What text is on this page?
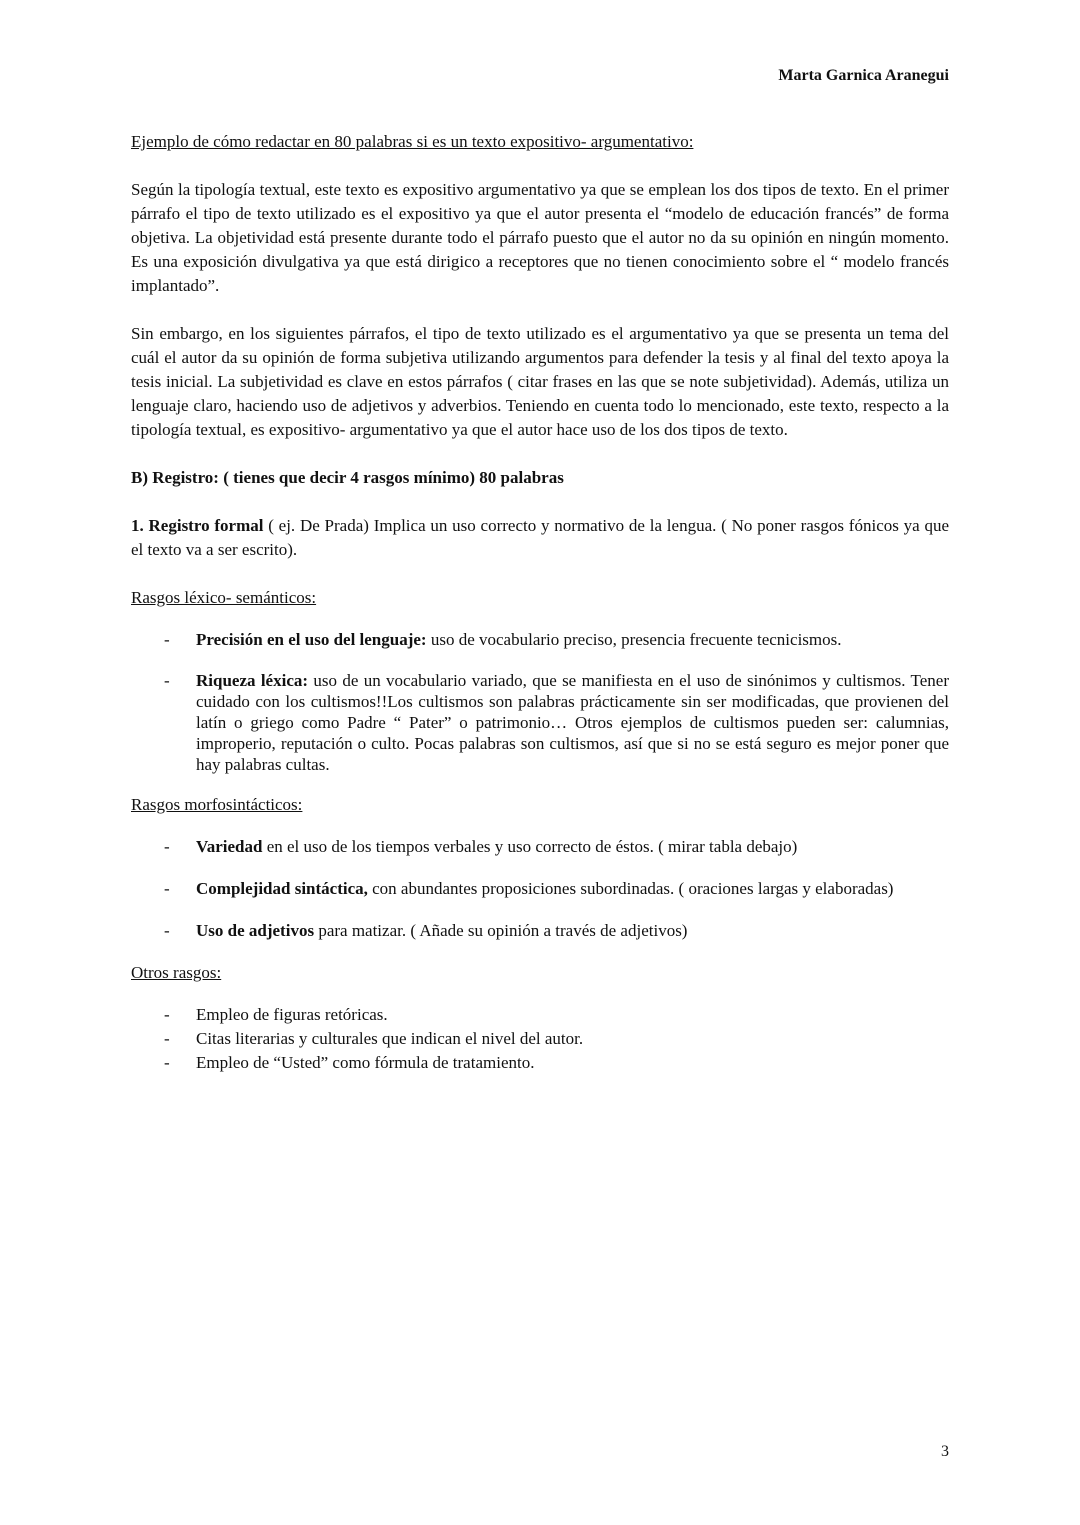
Marta Garnica Aranegui

Ejemplo de cómo redactar en 80 palabras si es un texto expositivo- argumentativo:

Según la tipología textual, este texto es expositivo argumentativo ya que se emplean los dos tipos de texto. En el primer párrafo el tipo de texto utilizado es el expositivo ya que el autor presenta el “modelo de educación francés” de forma objetiva. La objetividad está presente durante todo el párrafo puesto que el autor no da su opinión en ningún momento. Es una exposición divulgativa ya que está dirigico a receptores que no tienen conocimiento sobre el “ modelo francés implantado”.

Sin embargo, en los siguientes párrafos, el tipo de texto utilizado es el argumentativo ya que se presenta un tema del cuál el autor da su opinión de forma subjetiva utilizando argumentos para defender la tesis y al final del texto apoya la tesis inicial. La subjetividad es clave en estos párrafos ( citar frases en las que se note subjetividad). Además, utiliza un lenguaje claro, haciendo uso de adjetivos y adverbios. Teniendo en cuenta todo lo mencionado, este texto, respecto a la tipología textual, es expositivo- argumentativo ya que el autor hace uso de los dos tipos de texto.

B) Registro: ( tienes que decir 4 rasgos mínimo) 80 palabras

1. Registro formal ( ej. De Prada) Implica un uso correcto y normativo de la lengua. ( No poner rasgos fónicos ya que el texto va a ser escrito).

Rasgos léxico- semánticos:

- Precisión en el uso del lenguaje: uso de vocabulario preciso, presencia frecuente tecnicismos.
- Riqueza léxica: uso de un vocabulario variado, que se manifiesta en el uso de sinónimos y cultismos. Tener cuidado con los cultismos!!Los cultismos son palabras prácticamente sin ser modificadas, que provienen del latín o griego como Padre “ Pater” o patrimonio… Otros ejemplos de cultismos pueden ser: calumnias, improperio, reputación o culto. Pocas palabras son cultismos, así que si no se está seguro es mejor poner que hay palabras cultas.

Rasgos morfosintácticos:

- Variedad en el uso de los tiempos verbales y uso correcto de éstos. ( mirar tabla debajo)
- Complejidad sintáctica, con abundantes proposiciones subordinadas. ( oraciones largas y elaboradas)
- Uso de adjetivos para matizar. ( Añade su opinión a través de adjetivos)

Otros rasgos:

- Empleo de figuras retóricas.
- Citas literarias y culturales que indican el nivel del autor.
- Empleo de “Usted” como fórmula de tratamiento.
3
